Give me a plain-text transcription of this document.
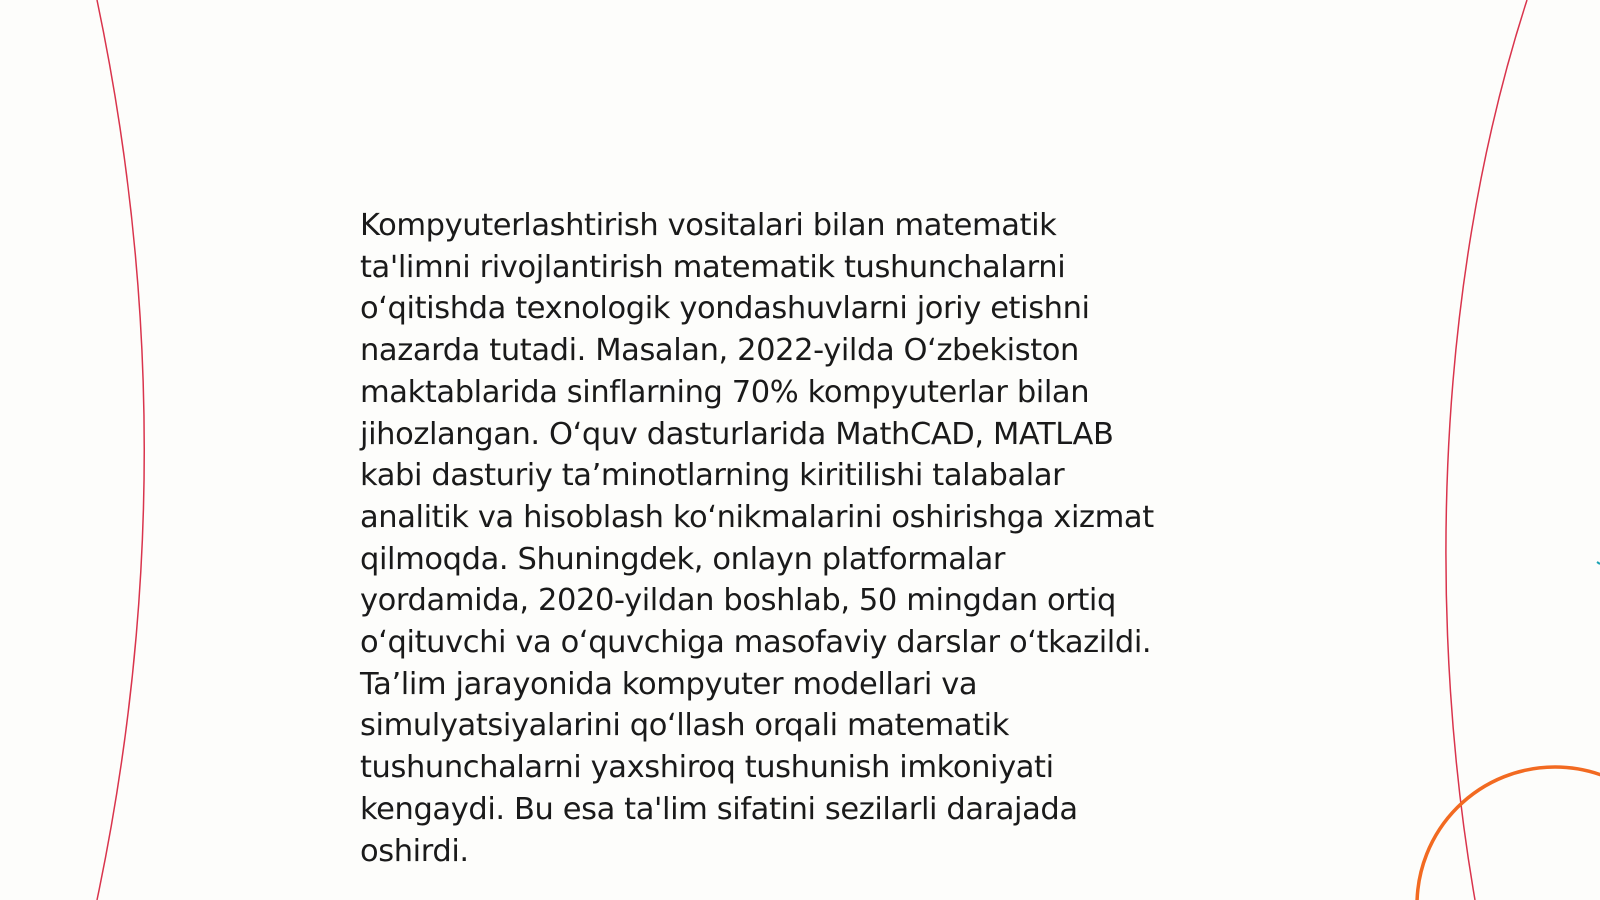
Kompyuterlashtirish vositalari bilan matematik
ta'limni rivojlantirish matematik tushunchalarni
o‘qitishda texnologik yondashuvlarni joriy etishni
nazarda tutadi. Masalan, 2022-yilda O‘zbekiston
maktablarida sinflarning 70% kompyuterlar bilan
jihozlangan. O‘quv dasturlarida MathCAD, MATLAB
kabi dasturiy ta’minotlarning kiritilishi talabalar
analitik va hisoblash ko‘nikmalarini oshirishga xizmat
qilmoqda. Shuningdek, onlayn platformalar
yordamida, 2020-yildan boshlab, 50 mingdan ortiq
o‘qituvchi va o‘quvchiga masofaviy darslar o‘tkazildi.
Ta’lim jarayonida kompyuter modellari va
simulyatsiyalarini qo‘llash orqali matematik
tushunchalarni yaxshiroq tushunish imkoniyati
kengaydi. Bu esa ta'lim sifatini sezilarli darajada
oshirdi.
